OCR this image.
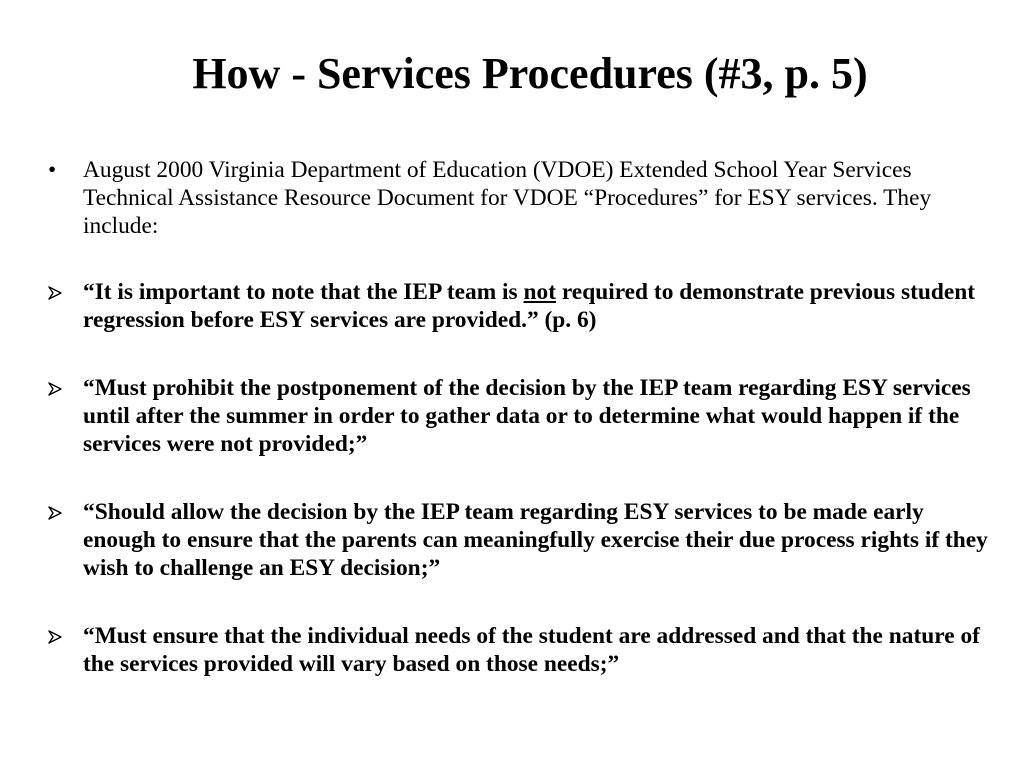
How - Services Procedures (#3, p. 5)

•	August 2000 Virginia Department of Education (VDOE) Extended School Year Services Technical Assistance Resource Document for VDOE “Procedures” for ESY services. They include:

“It is important to note that the IEP team is not required to demonstrate previous student regression before ESY services are provided.” (p. 6)

“Must prohibit the postponement of the decision by the IEP team regarding ESY services until after the summer in order to gather data or to determine what would happen if the services were not provided;”

“Should allow the decision by the IEP team regarding ESY services to be made early enough to ensure that the parents can meaningfully exercise their due process rights if they wish to challenge an ESY decision;”

“Must ensure that the individual needs of the student are addressed and that the nature of the services provided will vary based on those needs;”
